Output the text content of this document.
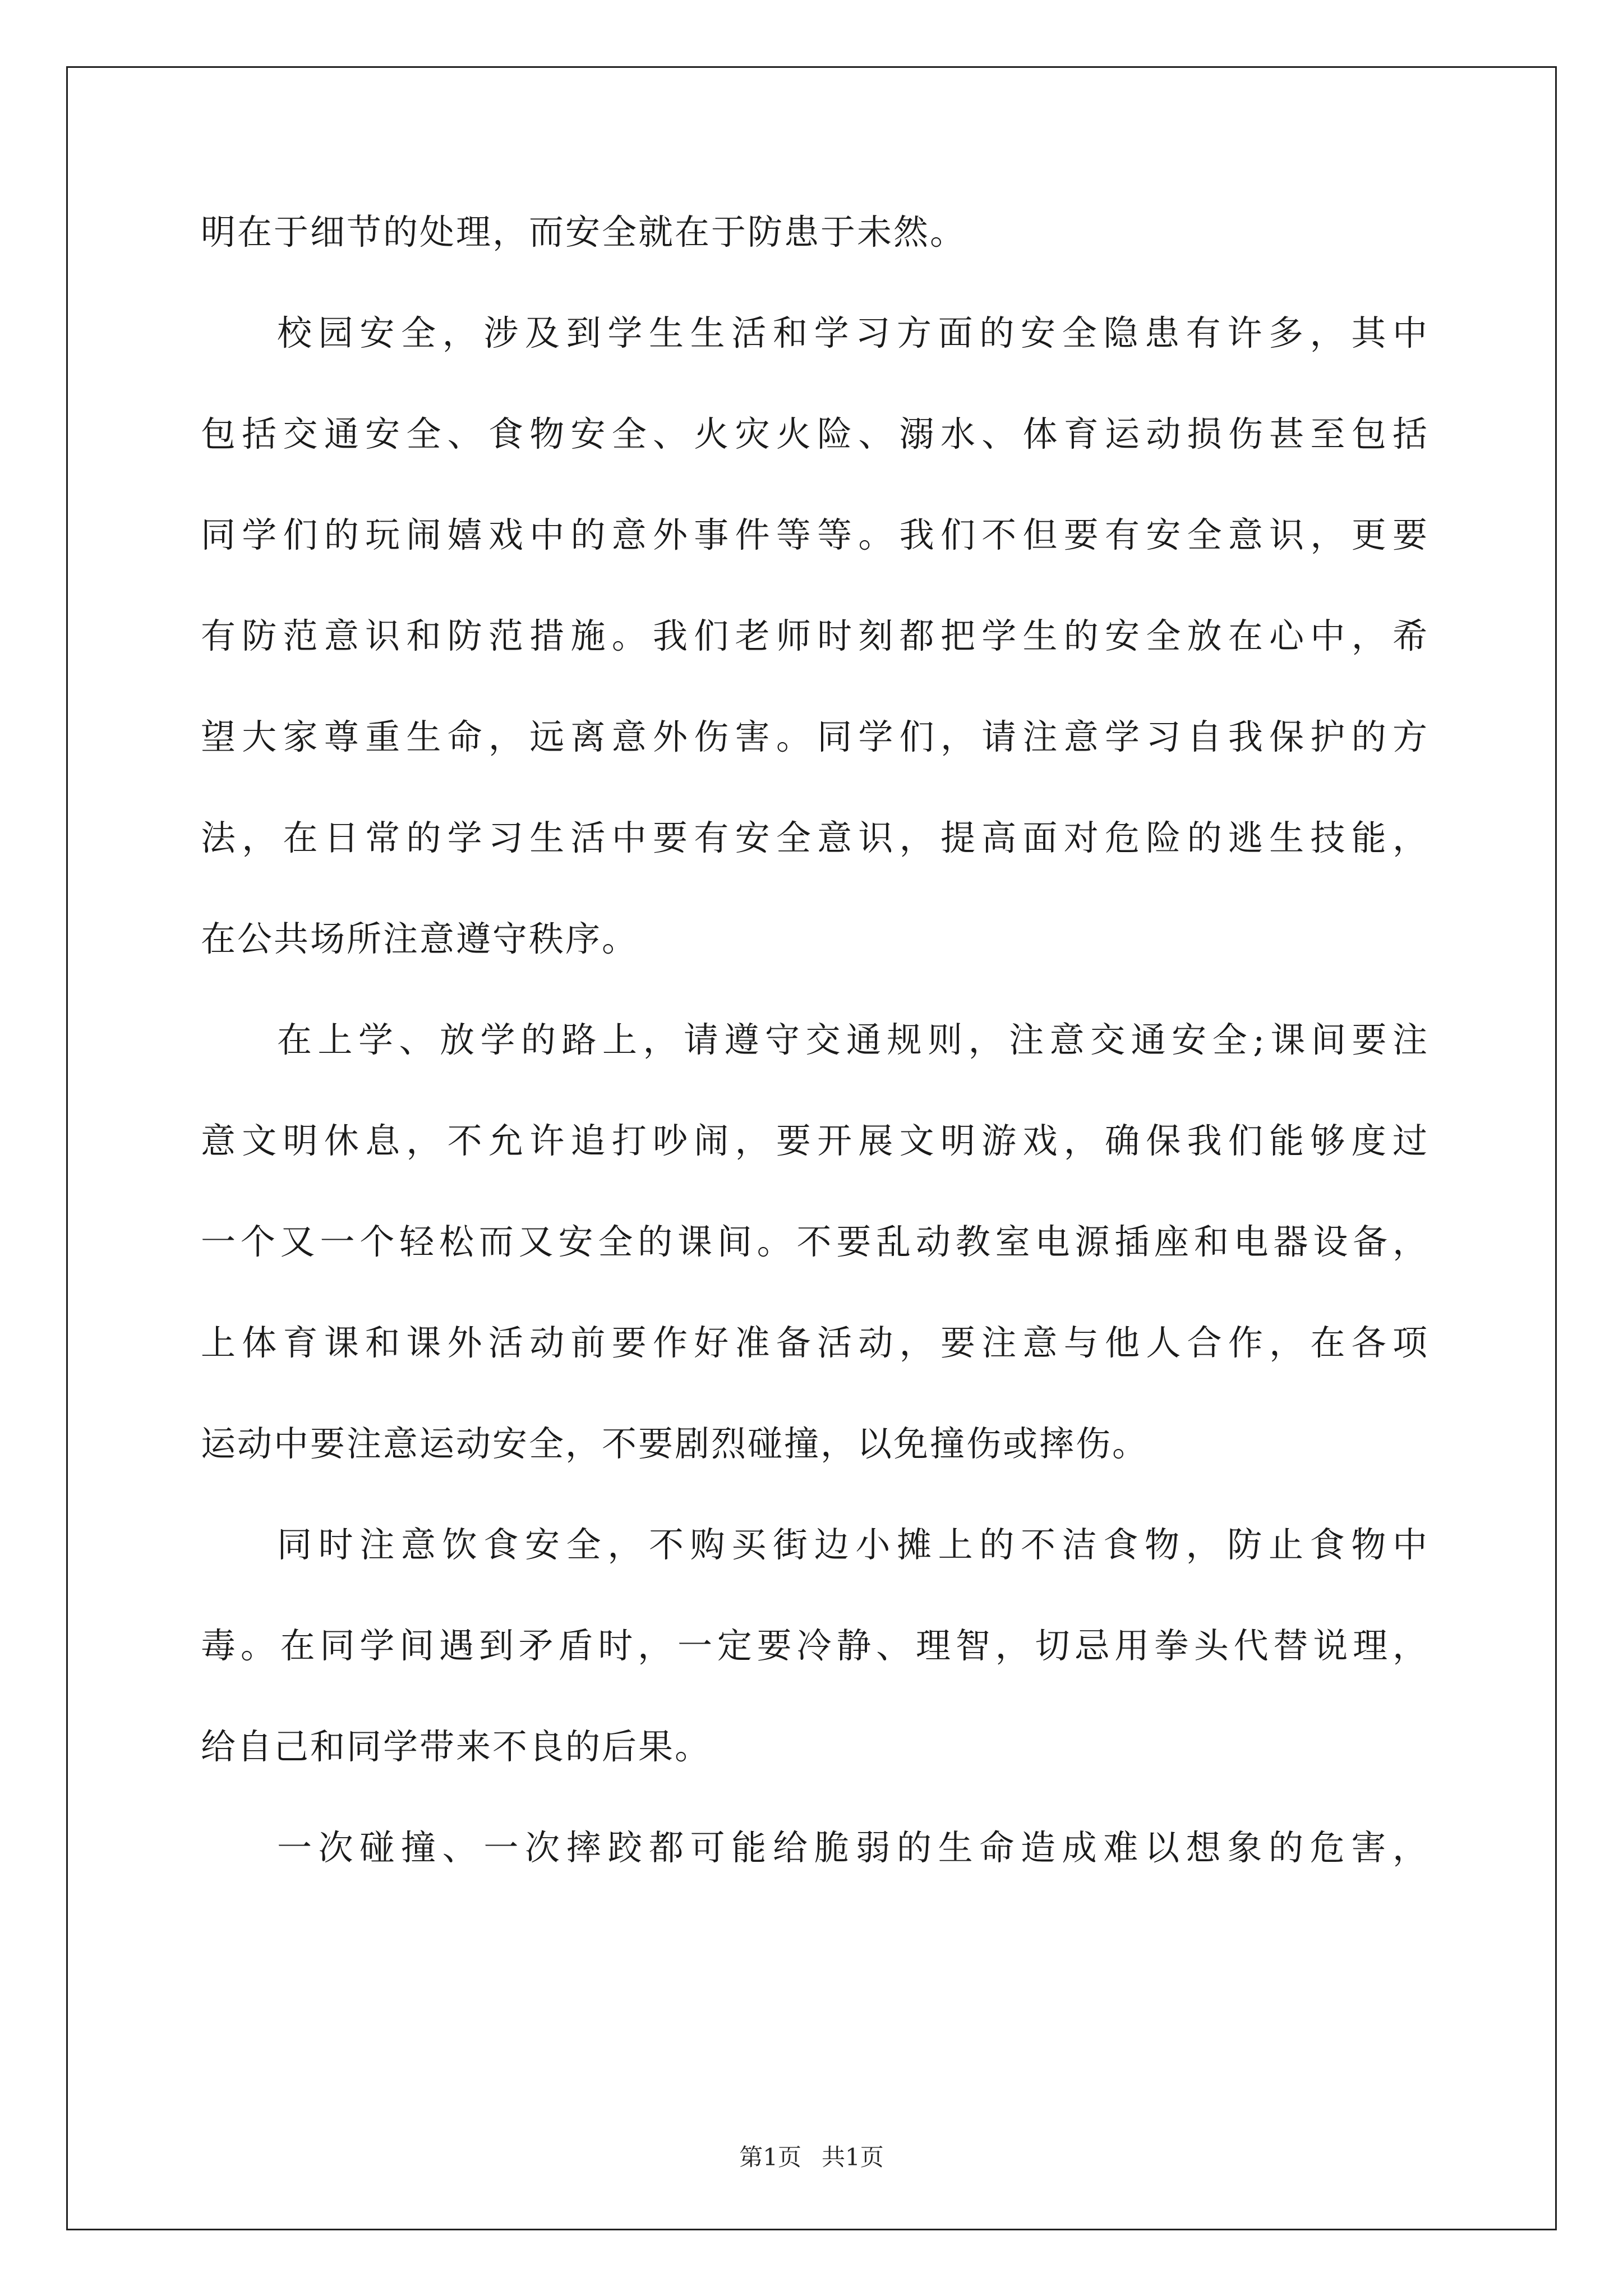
明在于细节的处理，而安全就在于防患于未然。
校园安全，涉及到学生生活和学习方面的安全隐患有许多，其中
包括交通安全、食物安全、火灾火险、溺水、体育运动损伤甚至包括
同学们的玩闹嬉戏中的意外事件等等。我们不但要有安全意识，更要
有防范意识和防范措施。我们老师时刻都把学生的安全放在心中，希
望大家尊重生命，远离意外伤害。同学们，请注意学习自我保护的方
法，在日常的学习生活中要有安全意识，提高面对危险的逃生技能，
在公共场所注意遵守秩序。
在上学、放学的路上，请遵守交通规则，注意交通安全;课间要注
意文明休息，不允许追打吵闹，要开展文明游戏，确保我们能够度过
一个又一个轻松而又安全的课间。不要乱动教室电源插座和电器设备，
上体育课和课外活动前要作好准备活动，要注意与他人合作，在各项
运动中要注意运动安全，不要剧烈碰撞，以免撞伤或摔伤。
同时注意饮食安全，不购买街边小摊上的不洁食物，防止食物中
毒。在同学间遇到矛盾时，一定要冷静、理智，切忌用拳头代替说理，
给自己和同学带来不良的后果。
一次碰撞、一次摔跤都可能给脆弱的生命造成难以想象的危害，
第1页 共1页
